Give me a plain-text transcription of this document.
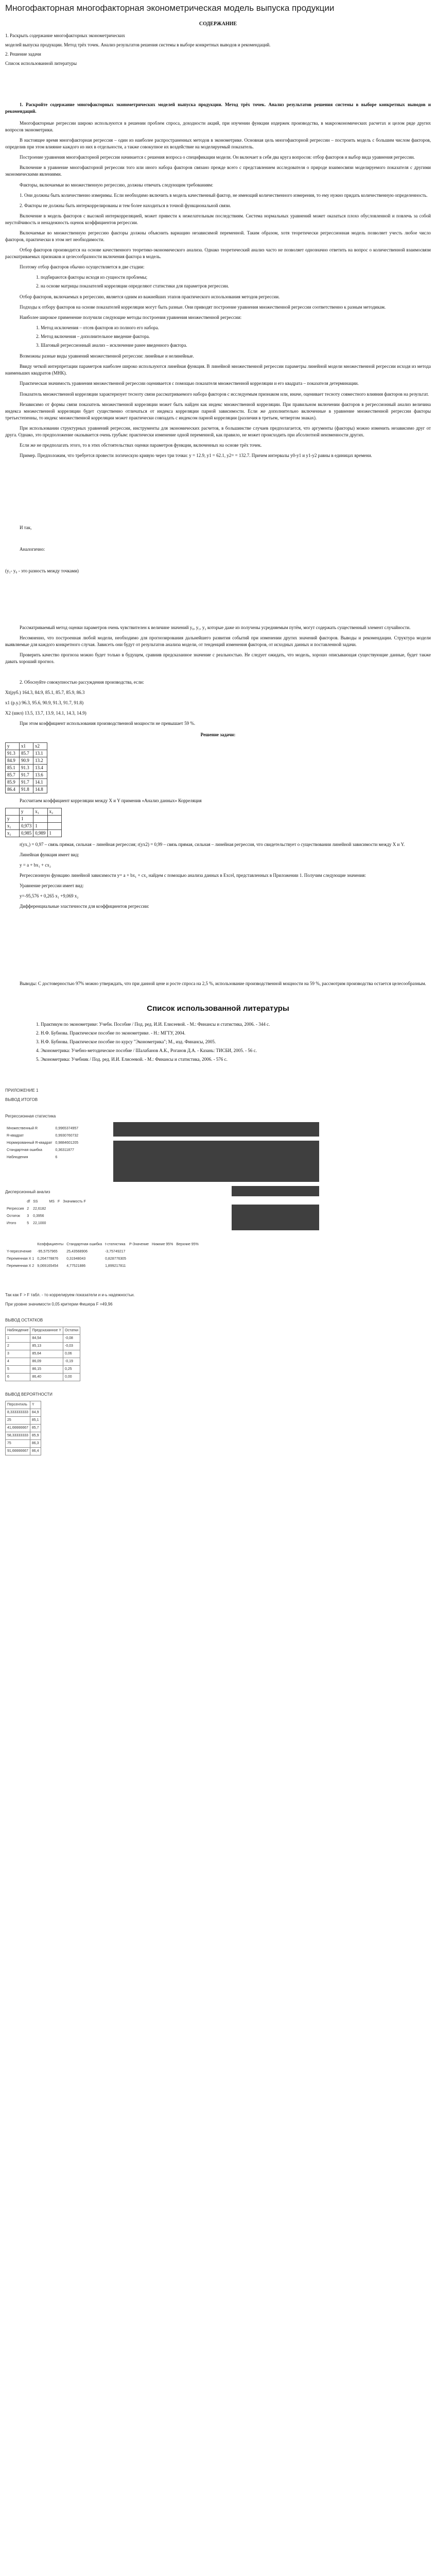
Многофакторная многофакторная эконометрическая модель выпуска продукции
СОДЕРЖАНИЕ

1. Раскрыть содержание многофакторных эконометрических

моделей выпуска продукции. Метод трёх точек. Анализ результатов решения системы в выборе конкретных выводов и рекомендаций.

2. Решение задачи

Список использованной литературы

1. Раскройте содержание многофакторных эконометрических моделей выпуска продукции. Метод трёх точек. Анализ результатов решения системы в выборе конкретных выводов и рекомендаций.

Многофакторные регрессии широко используются в решении проблем спроса, доходности акций, при изучении функции издержек производства, в макроэкономических расчетах и целом ряде других вопросов эконометрики.

В настоящее время многофакторная регрессия – один из наиболее распространенных методов в эконометрике. Основная цель многофакторной регрессии – построить модель с большим числом факторов, определив при этом влияние каждого из них в отдельности, а также совокупное их воздействие на моделируемый показатель.

Построение уравнения многофакторной регрессии начинается с решения вопроса о спецификации модели. Он включает в себя два круга вопросов: отбор факторов и выбор вида уравнения регрессии.

Включение в уравнение многофакторной регрессии того или иного набора факторов связано прежде всего с представлением исследователя о природе взаимосвязи моделируемого показателя с другими экономическими явлениями.

Факторы, включаемые во множественную регрессию, должны отвечать следующим требованиям:

1. Они должны быть количественно измеримы. Если необходимо включить в модель качественный фактор, не имеющий количественного измерения, то ему нужно придать количественную определенность.

2. Факторы не должны быть интеркоррелированы и тем более находиться в точной функциональной связи.

Включение в модель факторов с высокой интеркорреляцией, может привести к нежелательным последствиям. Система нормальных уравнений может оказаться плохо обусловленной и повлечь за собой неустойчивость и ненадежность оценок коэффициентов регрессии.

Включаемые во множественную регрессию факторы должны объяснить вариацию независимой переменной. Таким образом, хотя теоретически регрессионная модель позволяет учесть любое число факторов, практически в этом нет необходимости.

Отбор факторов производится на основе качественного теоретико-экономического анализа. Однако теоретический анализ часто не позволяет однозначно ответить на вопрос о количественной взаимосвязи рассматриваемых признаков и целесообразности включения фактора в модель.

Поэтому отбор факторов обычно осуществляется в две стадии:

1. подбираются факторы исходя из сущности проблемы;
2. на основе матрицы показателей корреляции определяют статистики для параметров регрессии.

Отбор факторов, включаемых в регрессию, является одним из важнейших этапов практического использования методов регрессии.

Подходы к отбору факторов на основе показателей корреляции могут быть разные. Они приводят построение уравнения множественной регрессии соответственно к разным методикам.

Наиболее широкое применение получили следующие методы построения уравнения множественной регрессии:

1. Метод исключения – отсев факторов из полного его набора.
2. Метод включения – дополнительное введение фактора.
3. Шаговый регрессионный анализ – исключение ранее введенного фактора.

Возможны разные виды уравнений множественной регрессии: линейные и нелинейные.

Ввиду четкой интерпретации параметров наиболее широко используются линейная функция. В линейной множественной регрессии параметры линейной модели множественной регрессии исходя из метода наименьших квадратов (МНК).

Практическая значимость уравнения множественной регрессии оценивается с помощью показателя множественной корреляции и его квадрата – показателя детерминации.

Показатель множественной корреляции характеризует тесноту связи рассматриваемого набора факторов с исследуемым признаком или, иначе, оценивает тесноту совместного влияния факторов на результат.

Независимо от формы связи показатель множественной корреляции может быть найден как индекс множественной корреляции. При правильном включении факторов в регрессионный анализ величина индекса множественной корреляции будет существенно отличаться от индекса корреляции парной зависимости. Если же дополнительно включенные в уравнение множественной регрессии факторы третьестепенны, то индекс множественной корреляции может практически совпадать с индексом парной корреляции (различия в третьем, четвертом знаках).

При использовании структурных уравнений регрессии, инструменты для экономических расчетов, в большинстве случаев предполагается, что аргументы (факторы) можно изменить независимо друг от друга. Однако, это предположение оказывается очень грубым: практически изменение одной переменной, как правило, не может происходить при абсолютной неизменности других.

Если же не предполагать этого, то в этих обстоятельствах оценки параметров функции, включенных на основе трёх точек.

Пример. Предположим, что требуется провести логическую кривую через три точки: y = 12.9, y1 = 62.1, y2= = 132.7. Причем интервалы y0-y1 и y1-y2 равны в единицах времени.

И так,

Аналогично:

(y₁- y₀ - это разность между точками)

Рассматриваемый метод оценки параметров очень чувствителен к величине значений y₀, y₁, y₂ которые даже из получены усредняемым путём, могут содержать существенный элемент случайности.

Несомненно, что построенная любой модели, необходимо для прогнозирования дальнейшего развития событий при изменении других значений факторов. Выводы и рекомендации. Структура модели выявляемые для каждого конкретного случая. Зависеть они будут от результатов анализа модели, от тенденций изменения факторов, от исходных данных и поставленной задачи.

Проверить качество прогноза можно будет только в будущем, сравнив предсказанное значение с реальностью. Не следует ожидать, что модель, хорошо описывающая существующие данные, будет также давать хороший прогноз.

2. Обоснуйте совокупностью рассуждения производства, если:

Xt(руб.) 164.3, 84.9, 85.1, 85.7, 85.9, 86.3

x1 (р.у.) 96.3, 95.6, 90.9, 91.3, 91.7, 91.8)

X2 (шил) 13.5, 13.7, 13.9, 14.1, 14.3, 14.9)

При этом коэффициент использования производственной мощности не превышает 59 %.

Решение задачи:
y	x1	x2
91.3	85.7	13.1
84.9	90.9	13.2
85.1	91.3	13.4
85.7	91.7	13.6
85.9	91.7	14.1
86.4	91.8	14.8

Рассчитаем коэффициент корреляции между X и Y применив «Анализ данных» Корреляция

	y	x₁	x₂
y	1		
x₁	0,973	1	
x₂	0,985	0,989	1

r(yx₁) = 0,97 – связь прямая, сильная – линейная регрессия; r(yx2) = 0,99 – связь прямая, сильная – линейная регрессия, что свидетельствует о существовании линейной зависимости между X и Y.

Линейная функция имеет вид:

y = a + bx₁ + cx₂

Регрессионную функцию линейной зависимости y= a + bx₁ + cx₂ найдем с помощью анализа данных в Excel, представленных в Приложении 1. Получим следующие значения:

Уравнение регрессии имеет вид:

y=-95,576 + 0,265 x₁ +9,069 x₂

Дифференциальные эластичности для коэффициентов регрессии:

Выводы: С достоверностью 97% можно утверждать, что при данной цене и росте спроса на 2,5 %, использование производственной мощности на 59 %, рассмотрим производства остается целесообразным.

Список использованной литературы
1. Практикум по эконометрике: Учебн. Пособие / Под. ред. И.И. Елисеевой. - М.: Финансы и статистика, 2006. - 344 с.
2. Н.Ф. Бубнова. Практическое пособие по эконометрике. - Н.: МГТУ, 2004.
3. Н.Ф. Бубнова. Практическое пособие по курсу "Эконометрика"; М., изд. Финансы, 2005.
4. Эконометрика: Учебно-методическое пособие / Шалабанов А.К., Роганов Д.А. - Казань: ТИСБИ, 2005. - 56 с.
5. Эконометрика: Учебник / Под. ред. И.И. Елисеевой. - М.: Финансы и статистика, 2006. - 576 с.

ПРИЛОЖЕНИЕ 1

ВЫВОД ИТОГОВ

Регрессионная статистика

Множественный R	0,9965374957
R-квадрат	0,9930760732
Нормированный R-квадрат	0,9884601205
Стандартная ошибка	0,36311877
Наблюдения	6

Дисперсионный анализ

	df	SS	MS	F	Значимость F
Регрессия	2	22,6182			
Остаток	3	0,3956			
Итого	5	22,1000			
	Коэффициенты	Стандартная ошибка	t-статистика	P-Значение	Нижние 95%	Верхние 95%
Y-пересечение	-95,5757965	25,43568906	-3,75749217			
Переменная X 1	0,264778876	0,31948043	0,828776305			
Переменная X 2	9,069165454	4,77521886	1,899217811			

Так как F > F табл. - то коррелируем показатели и и-ь надежностьи.

При уровне значимости 0,05 критерии Фишера F =49,96

ВЫВОД ОСТАТКОВ

Наблюдение	Предсказанное Y	Остатки
1	84,54	-0,08
2	85,13	-0,03
3	85,64	0,06
4	86,09	-0,19
5	86,15	0,25
6	86,40	0,00

ВЫВОД ВЕРОЯТНОСТИ

Персентиль	Y
8,333333333	84,9
25	85,1
41,66666667	85,7
58,33333333	85,9
75	86,3
91,66666667	86,4
